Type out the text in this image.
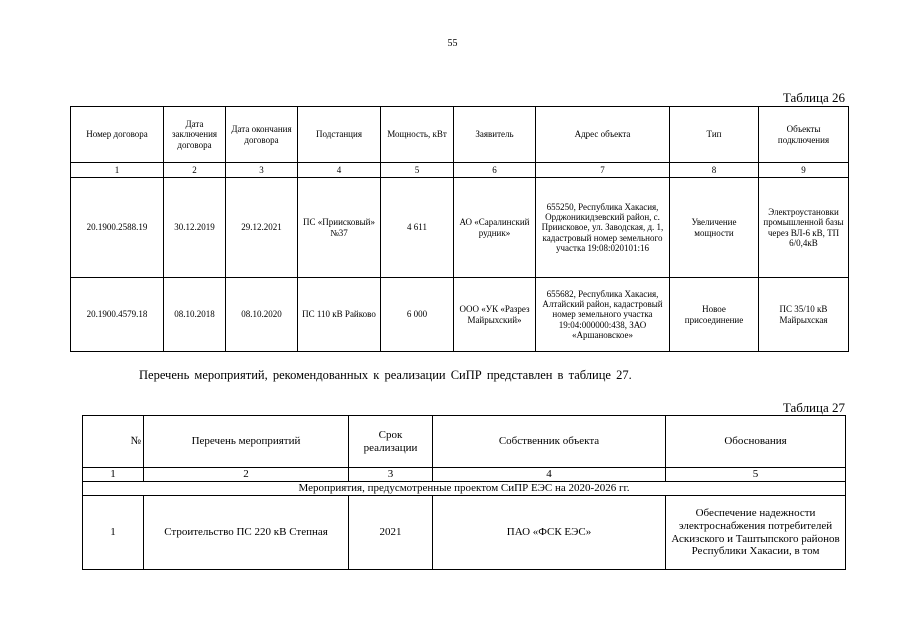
55
Таблица 26
Номер договора	Дата заключения договора	Дата окончания договора	Подстанция	Мощность, кВт	Заявитель	Адрес объекта	Тип	Объекты подключения
1	2	3	4	5	6	7	8	9
20.1900.2588.19	30.12.2019	29.12.2021	ПС «Приисковый» №37	4 611	АО «Саралинский рудник»	655250, Республика Хакасия, Орджоникидзевский район, с. Приисковое, ул. Заводская, д. 1, кадастровый номер земельного участка 19:08:020101:16	Увеличение мощности	Электроустановки промышленной базы через ВЛ-6 кВ, ТП 6/0,4кВ
20.1900.4579.18	08.10.2018	08.10.2020	ПС 110 кВ Райково	6 000	ООО «УК «Разрез Майрыхский»	655682, Республика Хакасия, Алтайский район, кадастровый номер земельного участка 19:04:000000:438, ЗАО «Аршановское»	Новое присоединение	ПС 35/10 кВ Майрыхская
Перечень мероприятий, рекомендованных к реализации СиПР представлен в таблице 27.
Таблица 27
№	Перечень мероприятий	Срок реализации	Собственник объекта	Обоснования
1	2	3	4	5
Мероприятия, предусмотренные проектом СиПР ЕЭС на 2020-2026 гг.				
1	Строительство ПС 220 кВ Степная	2021	ПАО «ФСК ЕЭС»	Обеспечение надежности электроснабжения потребителей Аскизского и Таштыпского районов Республики Хакасии, в том
